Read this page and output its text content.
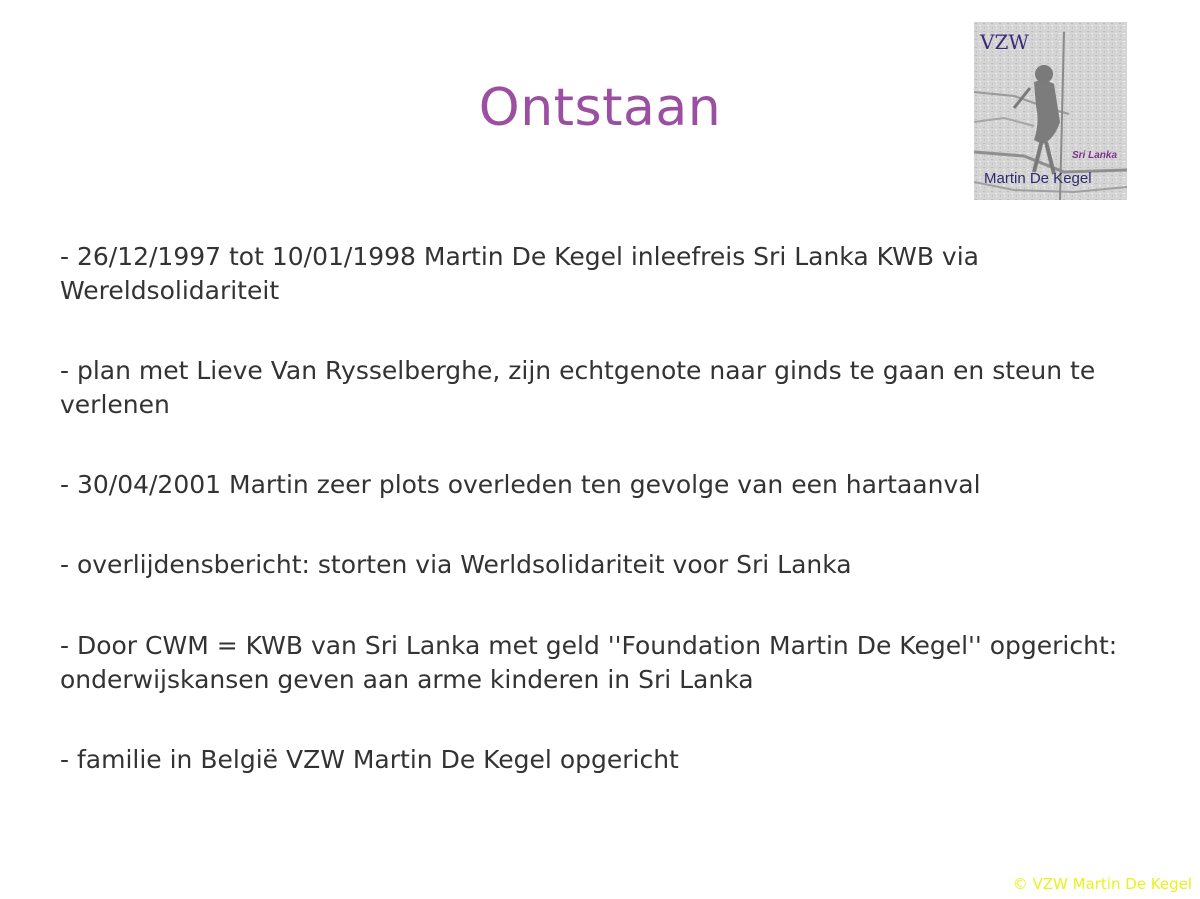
Ontstaan
VZW
Sri Lanka
Martin De Kegel

- 26/12/1997 tot 10/01/1998 Martin De Kegel inleefreis Sri Lanka KWB via Wereldsolidariteit

- plan met Lieve Van Rysselberghe, zijn echtgenote naar ginds te gaan en steun te verlenen

- 30/04/2001 Martin zeer plots overleden ten gevolge van een hartaanval

- overlijdensbericht: storten via Werldsolidariteit voor Sri Lanka

- Door CWM = KWB van Sri Lanka met geld ''Foundation Martin De Kegel'' opgericht: onderwijskansen geven aan arme kinderen in Sri Lanka

- familie in België VZW Martin De Kegel opgericht

© VZW Martin De Kegel
